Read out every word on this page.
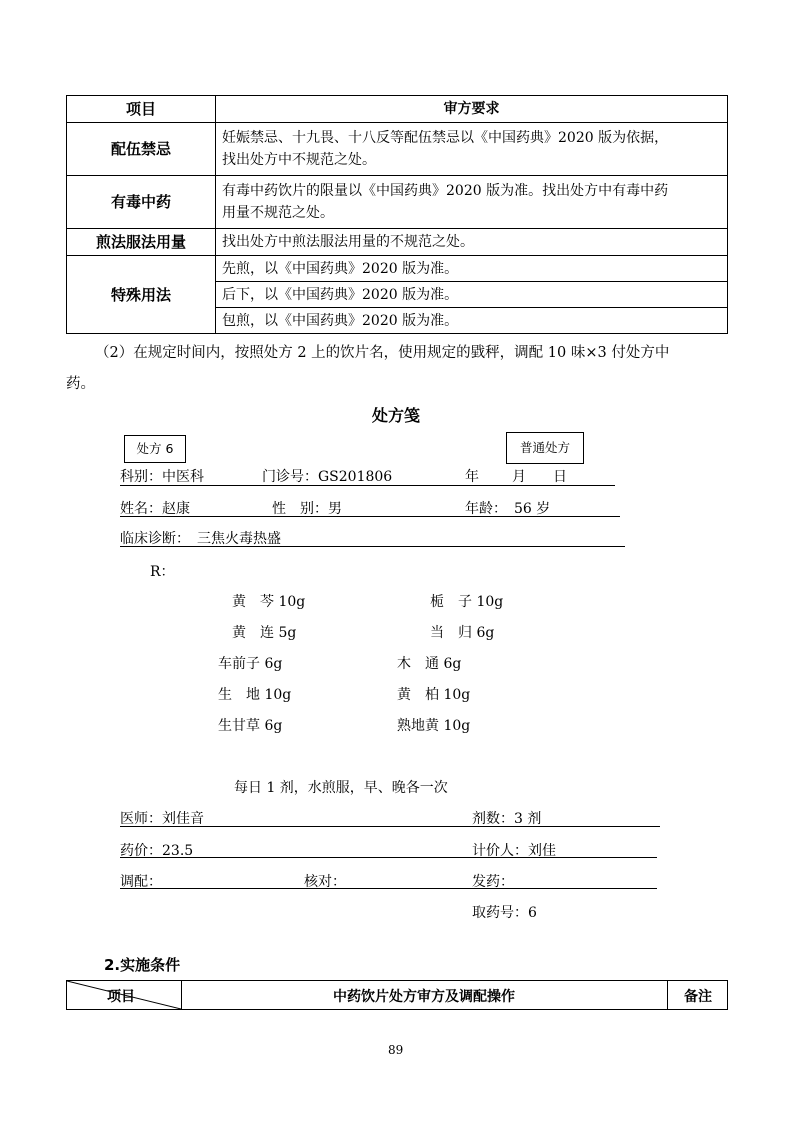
项目	审方要求
配伍禁忌	妊娠禁忌、十九畏、十八反等配伍禁忌以《中国药典》2020 版为依据，
找出处方中不规范之处。

有毒中药	有毒中药饮片的限量以《中国药典》2020 版为准。找出处方中有毒中药
用量不规范之处。

煎法服法用量	找出处方中煎法服法用量的不规范之处。
特殊用法	先煎，以《中国药典》2020 版为准。
	后下，以《中国药典》2020 版为准。
	包煎，以《中国药典》2020 版为准。
（2）在规定时间内，按照处方 2 上的饮片名，使用规定的戥秤，调配 10 味×3 付处方中
药。
处方笺
处方 6	普通处方
科别：中医科	门诊号：GS201806	年 月 日
姓名：赵康	性　别：男	年龄：　56 岁
临床诊断：　三焦火毒热盛
R：
黄　芩 10g	栀　子 10g
黄　连 5g	当　归 6g
车前子 6g	木　通 6g
生　地 10g	黄　柏 10g
生甘草 6g	熟地黄 10g
每日 1 剂，水煎服，早、晚各一次
医师：刘佳音	剂数：3 剂
药价：23.5	计价人：刘佳
调配：	核对：	发药：
取药号：6
2.实施条件
项目	中药饮片处方审方及调配操作	备注
89
